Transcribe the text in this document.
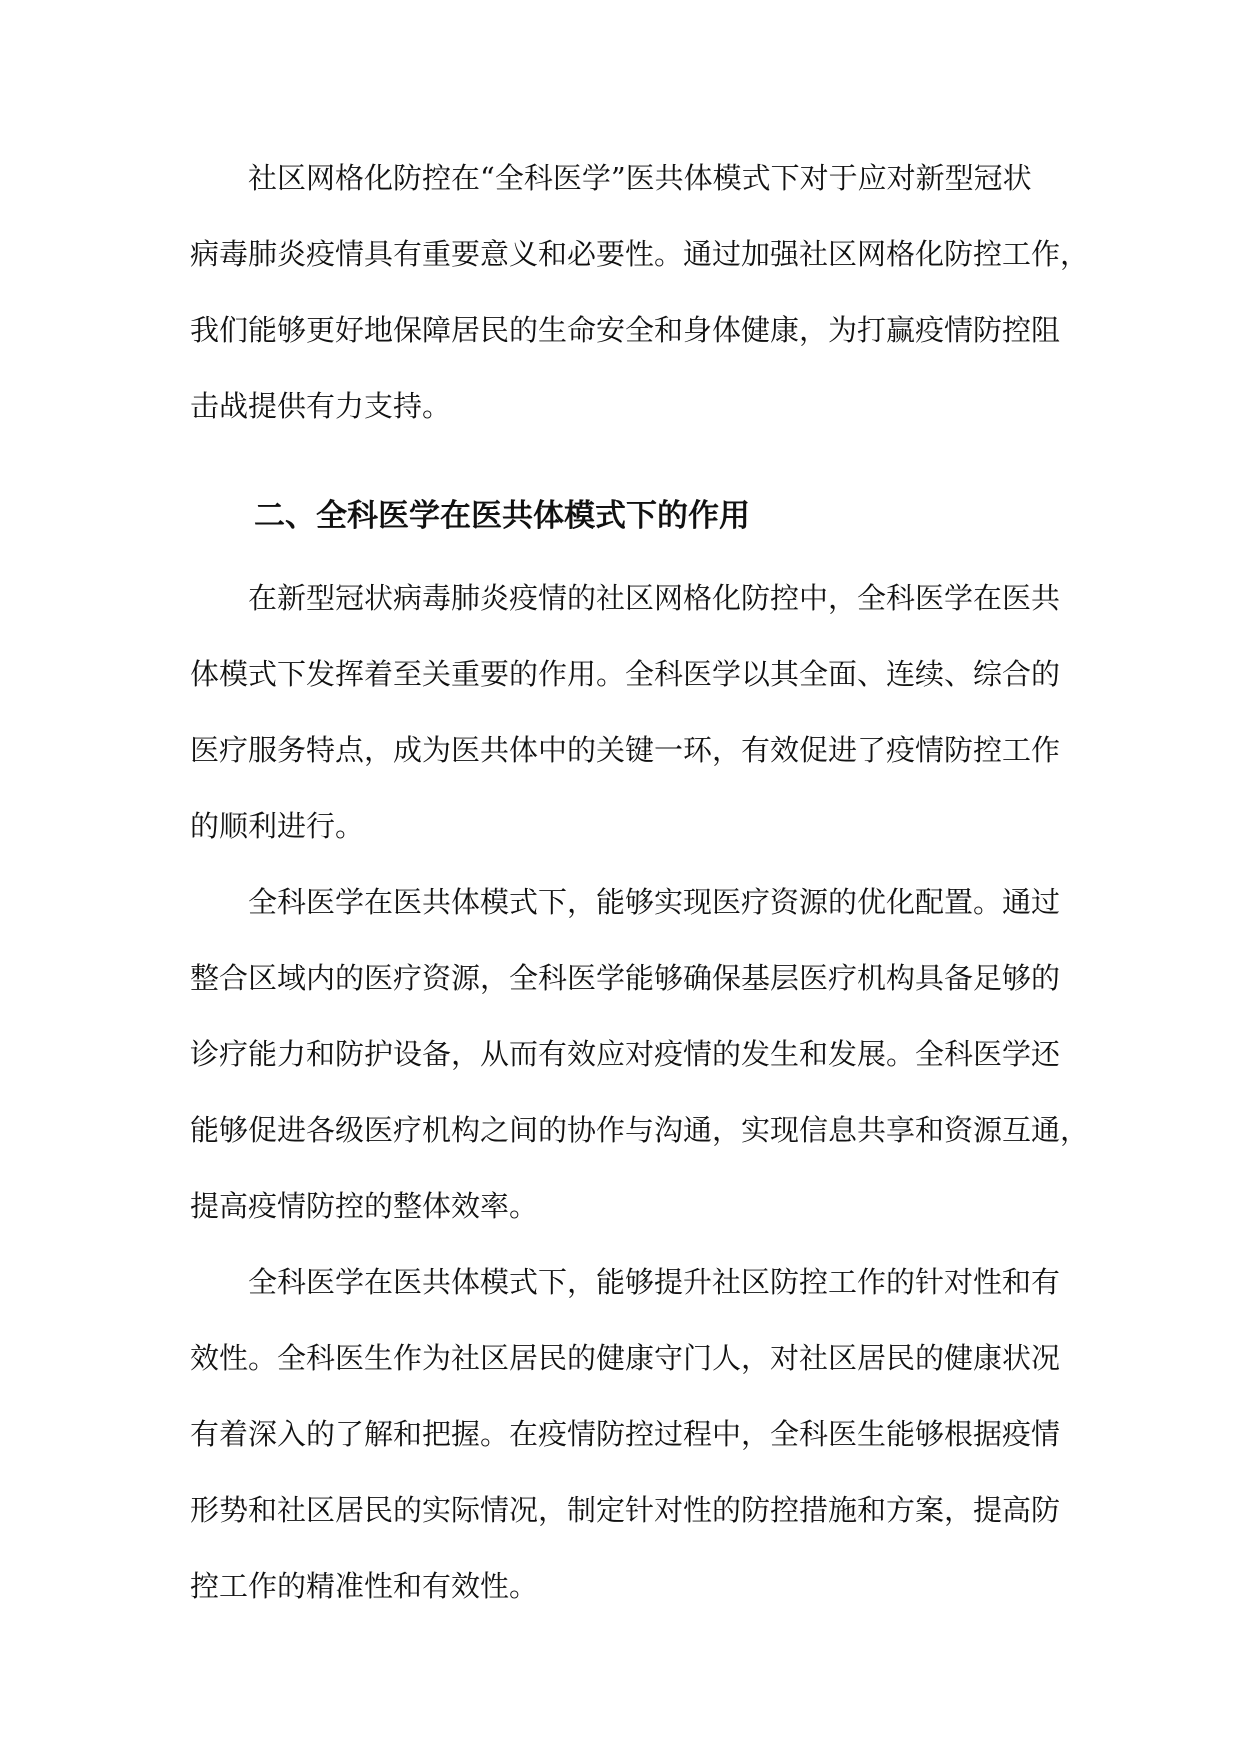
社区网格化防控在“全科医学”医共体模式下对于应对新型冠状
病毒肺炎疫情具有重要意义和必要性。通过加强社区网格化防控工作，
我们能够更好地保障居民的生命安全和身体健康，为打赢疫情防控阻
击战提供有力支持。
二、全科医学在医共体模式下的作用
在新型冠状病毒肺炎疫情的社区网格化防控中，全科医学在医共
体模式下发挥着至关重要的作用。全科医学以其全面、连续、综合的
医疗服务特点，成为医共体中的关键一环，有效促进了疫情防控工作
的顺利进行。
全科医学在医共体模式下，能够实现医疗资源的优化配置。通过
整合区域内的医疗资源，全科医学能够确保基层医疗机构具备足够的
诊疗能力和防护设备，从而有效应对疫情的发生和发展。全科医学还
能够促进各级医疗机构之间的协作与沟通，实现信息共享和资源互通，
提高疫情防控的整体效率。
全科医学在医共体模式下，能够提升社区防控工作的针对性和有
效性。全科医生作为社区居民的健康守门人，对社区居民的健康状况
有着深入的了解和把握。在疫情防控过程中，全科医生能够根据疫情
形势和社区居民的实际情况，制定针对性的防控措施和方案，提高防
控工作的精准性和有效性。
